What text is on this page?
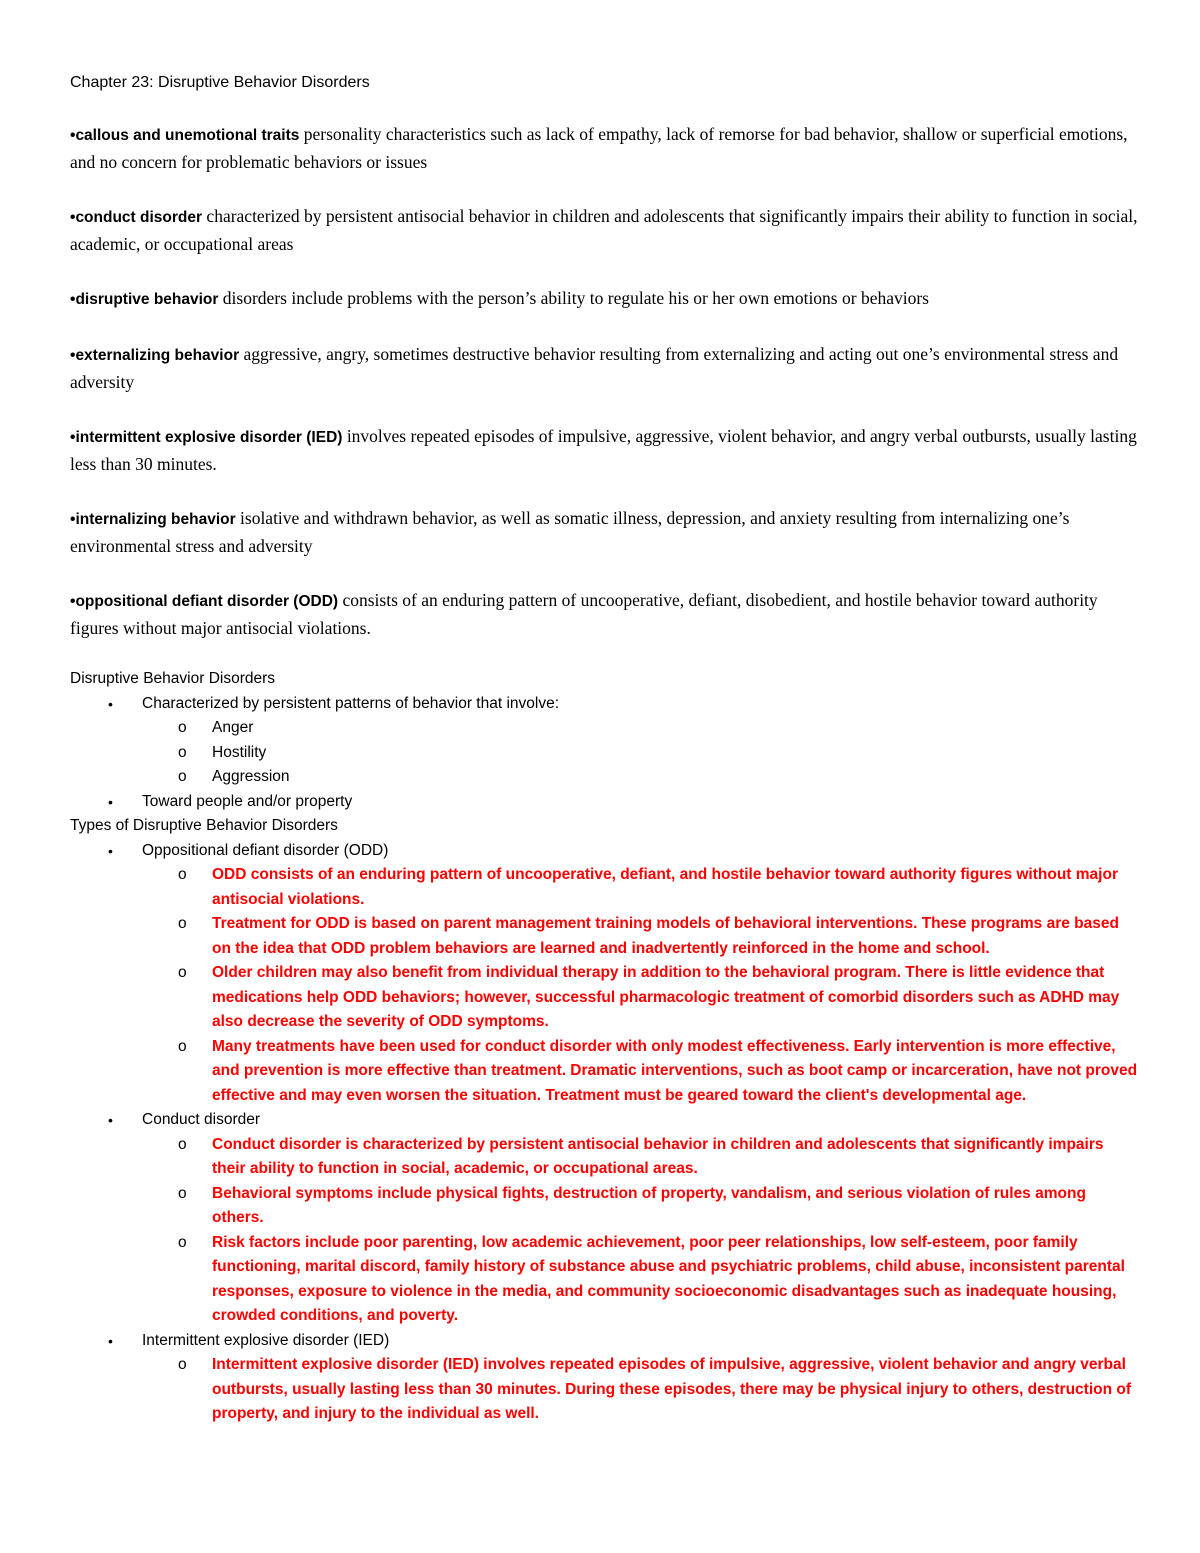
Chapter 23: Disruptive Behavior Disorders

•callous and unemotional traits personality characteristics such as lack of empathy, lack of remorse for bad behavior, shallow or superficial emotions, and no concern for problematic behaviors or issues

•conduct disorder characterized by persistent antisocial behavior in children and adolescents that significantly impairs their ability to function in social, academic, or occupational areas

•disruptive behavior disorders include problems with the person’s ability to regulate his or her own emotions or behaviors

•externalizing behavior aggressive, angry, sometimes destructive behavior resulting from externalizing and acting out one’s environmental stress and adversity

•intermittent explosive disorder (IED) involves repeated episodes of impulsive, aggressive, violent behavior, and angry verbal outbursts, usually lasting less than 30 minutes.

•internalizing behavior isolative and withdrawn behavior, as well as somatic illness, depression, and anxiety resulting from internalizing one’s environmental stress and adversity

•oppositional defiant disorder (ODD) consists of an enduring pattern of uncooperative, defiant, disobedient, and hostile behavior toward authority figures without major antisocial violations.

Disruptive Behavior Disorders

• Characterized by persistent patterns of behavior that involve:
o Anger
o Hostility
o Aggression
• Toward people and/or property

Types of Disruptive Behavior Disorders

• Oppositional defiant disorder (ODD)
o ODD consists of an enduring pattern of uncooperative, defiant, and hostile behavior toward authority figures without major antisocial violations.
o Treatment for ODD is based on parent management training models of behavioral interventions. These programs are based on the idea that ODD problem behaviors are learned and inadvertently reinforced in the home and school.
o Older children may also benefit from individual therapy in addition to the behavioral program. There is little evidence that medications help ODD behaviors; however, successful pharmacologic treatment of comorbid disorders such as ADHD may also decrease the severity of ODD symptoms.
o Many treatments have been used for conduct disorder with only modest effectiveness. Early intervention is more effective, and prevention is more effective than treatment. Dramatic interventions, such as boot camp or incarceration, have not proved effective and may even worsen the situation. Treatment must be geared toward the client's developmental age.
• Conduct disorder
o Conduct disorder is characterized by persistent antisocial behavior in children and adolescents that significantly impairs their ability to function in social, academic, or occupational areas.
o Behavioral symptoms include physical fights, destruction of property, vandalism, and serious violation of rules among others.
o Risk factors include poor parenting, low academic achievement, poor peer relationships, low self-esteem, poor family functioning, marital discord, family history of substance abuse and psychiatric problems, child abuse, inconsistent parental responses, exposure to violence in the media, and community socioeconomic disadvantages such as inadequate housing, crowded conditions, and poverty.
• Intermittent explosive disorder (IED)
o Intermittent explosive disorder (IED) involves repeated episodes of impulsive, aggressive, violent behavior and angry verbal outbursts, usually lasting less than 30 minutes. During these episodes, there may be physical injury to others, destruction of property, and injury to the individual as well.
